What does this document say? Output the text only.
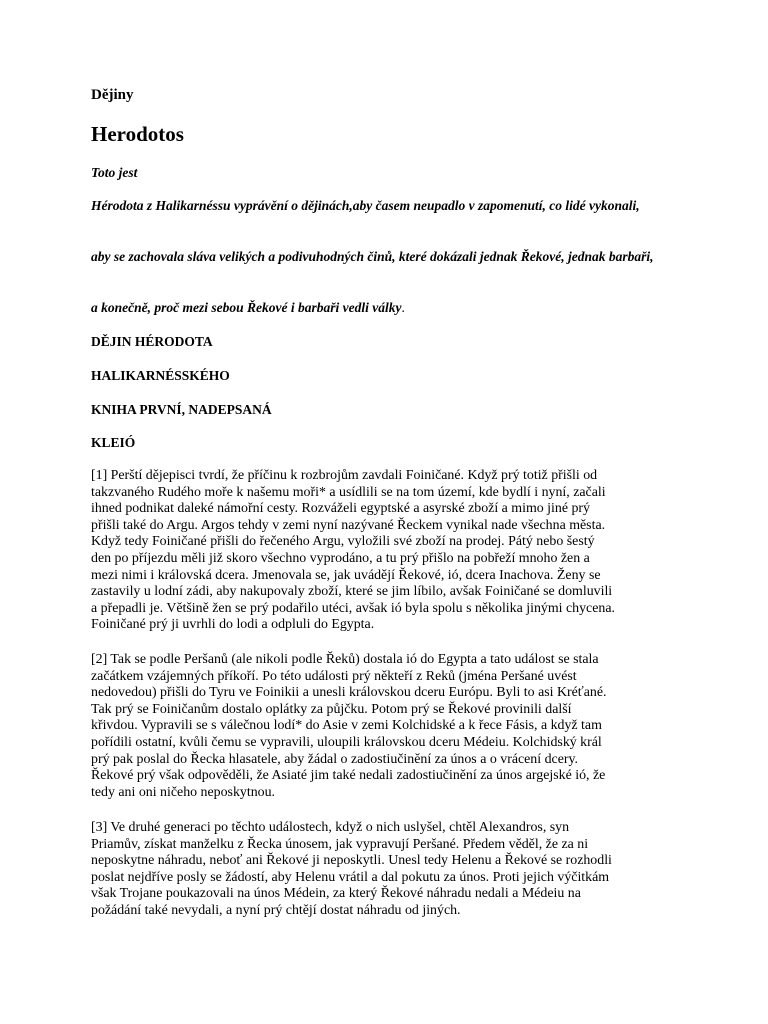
Dějiny

Herodotos

Toto jest

Hérodota z Halikarnéssu vyprávění o dějinách,aby časem neupadlo v zapomenutí, co lidé vykonali,

aby se zachovala sláva velikých a podivuhodných činů, které dokázali jednak Řekové, jednak barbaři,

a konečně, proč mezi sebou Řekové i barbaři vedli války.

DĚJIN HÉRODOTA
HALIKARNÉSSKÉHO
KNIHA PRVNÍ, NADEPSANÁ
KLEIÓ
[1] Perští dějepisci tvrdí, že příčinu k rozbrojům zavdali Foiničané. Když prý totiž přišli od
takzvaného Rudého moře k našemu moři* a usídlili se na tom území, kde bydlí i nyní, začali
ihned podnikat daleké námořní cesty. Rozváželi egyptské a asyrské zboží a mimo jiné prý
přišli také do Argu. Argos tehdy v zemi nyní nazývané Řeckem vynikal nade všechna města.
Když tedy Foiničané přišli do řečeného Argu, vyložili své zboží na prodej. Pátý nebo šestý
den po příjezdu měli již skoro všechno vyprodáno, a tu prý přišlo na pobřeží mnoho žen a
mezi nimi i královská dcera. Jmenovala se, jak uvádějí Řekové, ió, dcera Inachova. Ženy se
zastavily u lodní zádi, aby nakupovaly zboží, které se jim líbilo, avšak Foiničané se domluvili
a přepadli je. Většině žen se prý podařilo utéci, avšak ió byla spolu s několika jinými chycena.
Foiničané prý ji uvrhli do lodi a odpluli do Egypta.
[2] Tak se podle Peršanů (ale nikoli podle Řeků) dostala ió do Egypta a tato událost se stala
začátkem vzájemných příkoří. Po této události prý někteří z Reků (jména Peršané uvést
nedovedou) přišli do Tyru ve Foinikii a unesli královskou dceru Európu. Byli to asi Kréťané.
Tak prý se Foiničanům dostalo oplátky za půjčku. Potom prý se Řekové provinili další
křivdou. Vypravili se s válečnou lodí* do Asie v zemi Kolchidské a k řece Fásis, a když tam
pořídili ostatní, kvůli čemu se vypravili, uloupili královskou dceru Médeiu. Kolchidský král
prý pak poslal do Řecka hlasatele, aby žádal o zadostiučinění za únos a o vrácení dcery.
Řekové prý však odpověděli, že Asiaté jim také nedali zadostiučinění za únos argejské ió, že
tedy ani oni ničeho neposkytnou.
[3] Ve druhé generaci po těchto událostech, když o nich uslyšel, chtěl Alexandros, syn
Priamův, získat manželku z Řecka únosem, jak vypravují Peršané. Předem věděl, že za ni
neposkytne náhradu, neboť ani Řekové ji neposkytli. Unesl tedy Helenu a Řekové se rozhodli
poslat nejdříve posly se žádostí, aby Helenu vrátil a dal pokutu za únos. Proti jejich výčitkám
však Trojane poukazovali na únos Médein, za který Řekové náhradu nedali a Médeiu na
požádání také nevydali, a nyní prý chtějí dostat náhradu od jiných.
